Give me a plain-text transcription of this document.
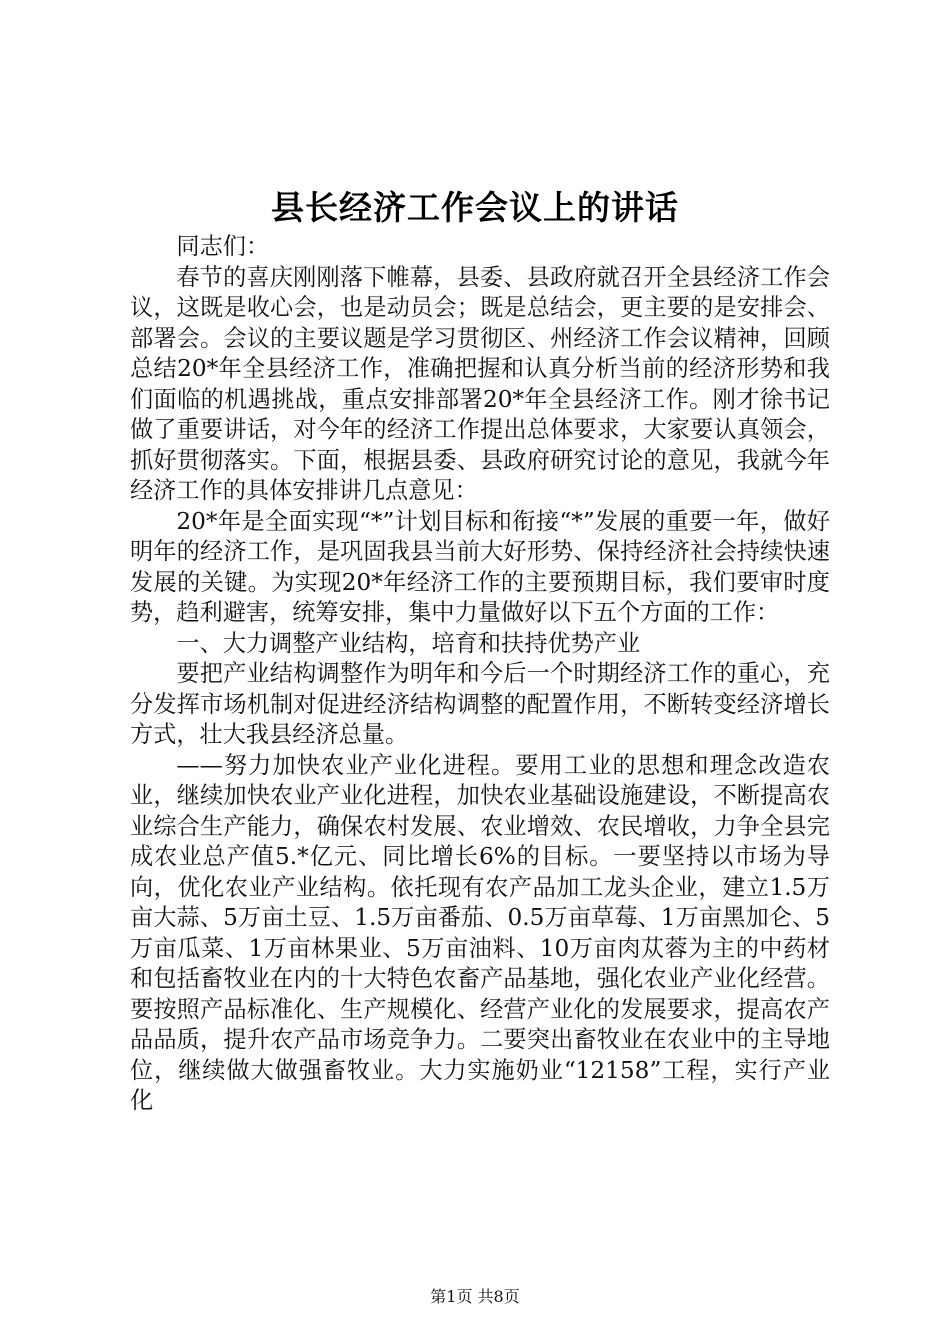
县长经济工作会议上的讲话

同志们：

春节的喜庆刚刚落下帷幕，县委、县政府就召开全县经济工作会议，这既是收心会，也是动员会；既是总结会，更主要的是安排会、部署会。会议的主要议题是学习贯彻区、州经济工作会议精神，回顾总结20*年全县经济工作，准确把握和认真分析当前的经济形势和我们面临的机遇挑战，重点安排部署20*年全县经济工作。刚才徐书记做了重要讲话，对今年的经济工作提出总体要求，大家要认真领会，抓好贯彻落实。下面，根据县委、县政府研究讨论的意见，我就今年经济工作的具体安排讲几点意见：

20*年是全面实现“*”计划目标和衔接“*”发展的重要一年，做好明年的经济工作，是巩固我县当前大好形势、保持经济社会持续快速发展的关键。为实现20*年经济工作的主要预期目标，我们要审时度势，趋利避害，统筹安排，集中力量做好以下五个方面的工作：

一、大力调整产业结构，培育和扶持优势产业

要把产业结构调整作为明年和今后一个时期经济工作的重心，充分发挥市场机制对促进经济结构调整的配置作用，不断转变经济增长方式，壮大我县经济总量。

——努力加快农业产业化进程。要用工业的思想和理念改造农业，继续加快农业产业化进程，加快农业基础设施建设，不断提高农业综合生产能力，确保农村发展、农业增效、农民增收，力争全县完成农业总产值5.*亿元、同比增长6%的目标。一要坚持以市场为导向，优化农业产业结构。依托现有农产品加工龙头企业，建立1.5万亩大蒜、5万亩土豆、1.5万亩番茄、0.5万亩草莓、1万亩黑加仑、5万亩瓜菜、1万亩林果业、5万亩油料、10万亩肉苁蓉为主的中药材和包括畜牧业在内的十大特色农畜产品基地，强化农业产业化经营。要按照产品标准化、生产规模化、经营产业化的发展要求，提高农产品品质，提升农产品市场竞争力。二要突出畜牧业在农业中的主导地位，继续做大做强畜牧业。大力实施奶业“12158”工程，实行产业化

第1页 共8页
